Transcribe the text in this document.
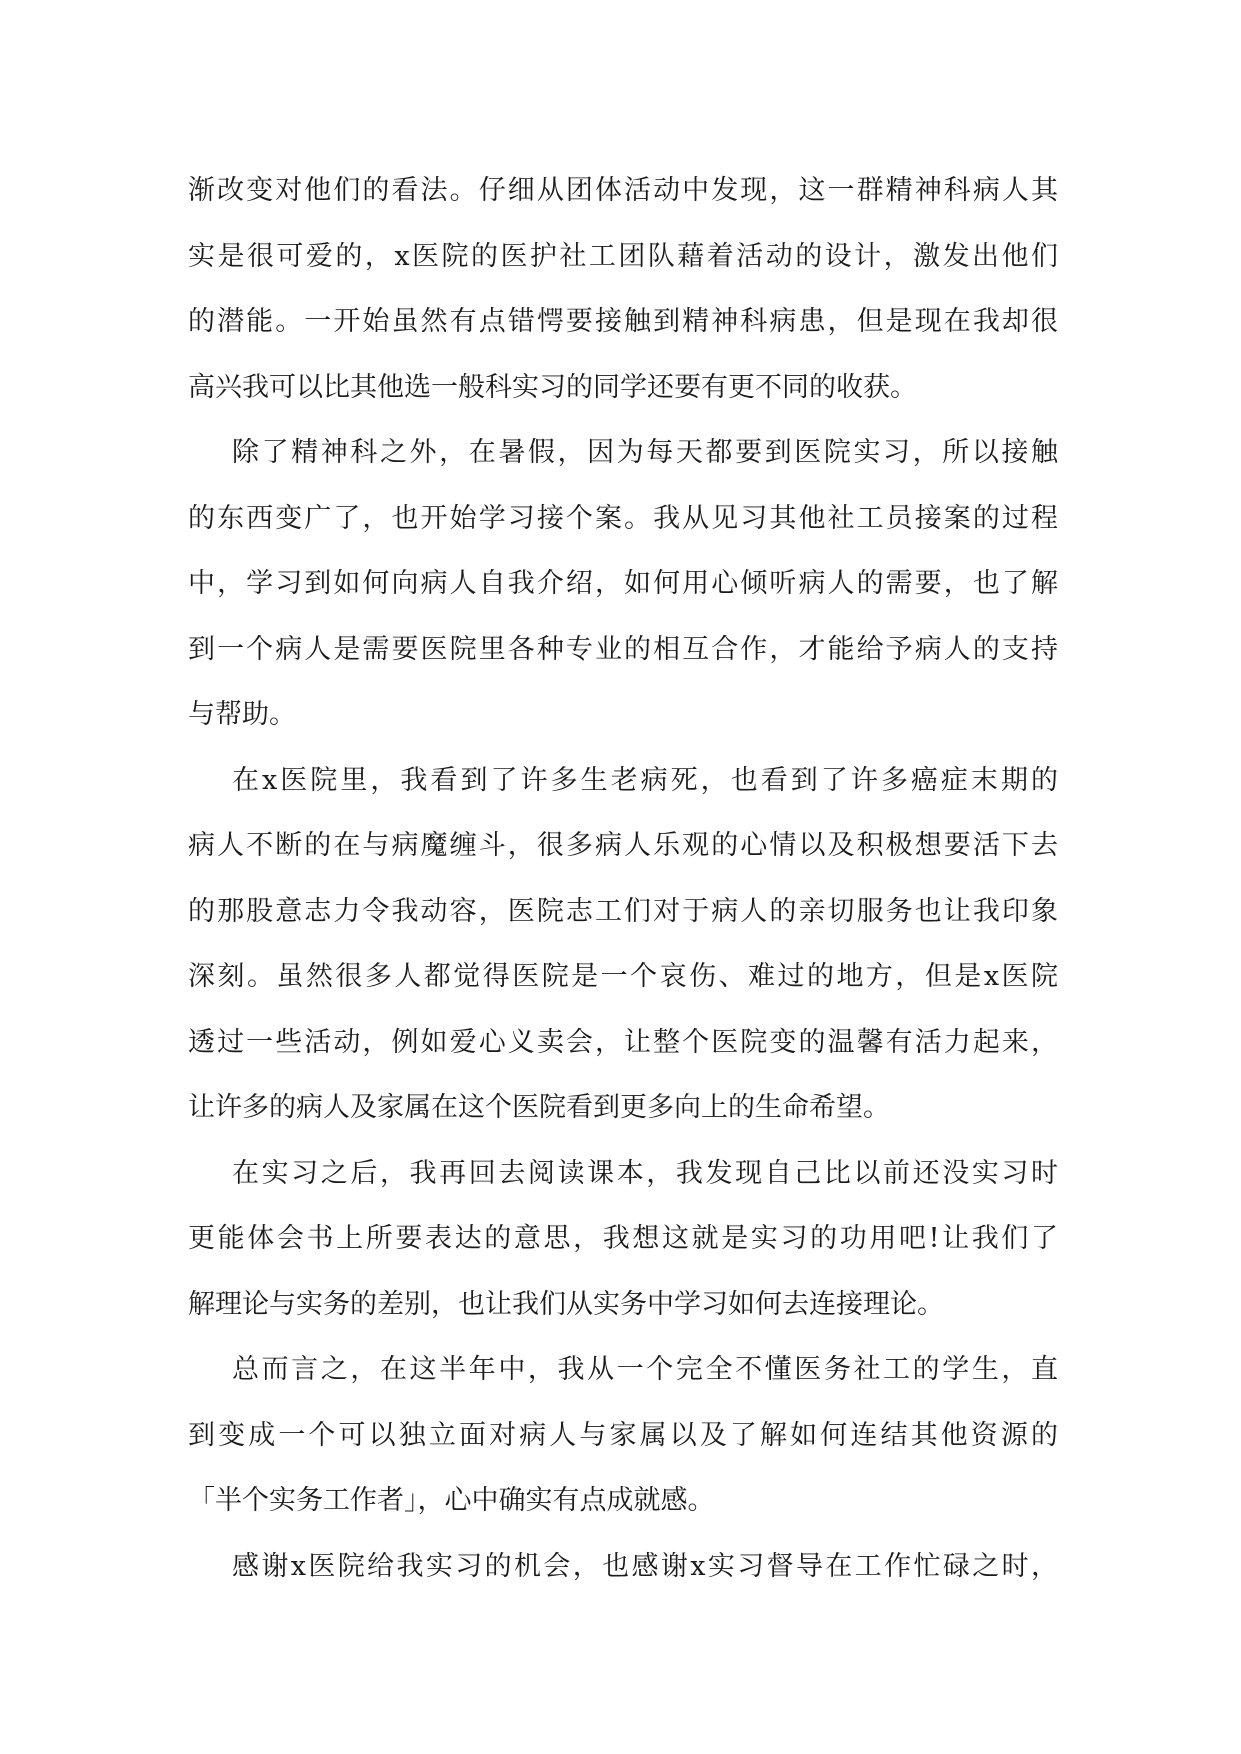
渐改变对他们的看法。仔细从团体活动中发现，这一群精神科病人其
实是很可爱的，x医院的医护社工团队藉着活动的设计，激发出他们
的潜能。一开始虽然有点错愕要接触到精神科病患，但是现在我却很
高兴我可以比其他选一般科实习的同学还要有更不同的收获。
除了精神科之外，在暑假，因为每天都要到医院实习，所以接触
的东西变广了，也开始学习接个案。我从见习其他社工员接案的过程
中，学习到如何向病人自我介绍，如何用心倾听病人的需要，也了解
到一个病人是需要医院里各种专业的相互合作，才能给予病人的支持
与帮助。
在x医院里，我看到了许多生老病死，也看到了许多癌症末期的
病人不断的在与病魔缠斗，很多病人乐观的心情以及积极想要活下去
的那股意志力令我动容，医院志工们对于病人的亲切服务也让我印象
深刻。虽然很多人都觉得医院是一个哀伤、难过的地方，但是x医院
透过一些活动，例如爱心义卖会，让整个医院变的温馨有活力起来，
让许多的病人及家属在这个医院看到更多向上的生命希望。
在实习之后，我再回去阅读课本，我发现自己比以前还没实习时
更能体会书上所要表达的意思，我想这就是实习的功用吧!让我们了
解理论与实务的差别，也让我们从实务中学习如何去连接理论。
总而言之，在这半年中，我从一个完全不懂医务社工的学生，直
到变成一个可以独立面对病人与家属以及了解如何连结其他资源的
「半个实务工作者」，心中确实有点成就感。
感谢x医院给我实习的机会，也感谢x实习督导在工作忙碌之时，
